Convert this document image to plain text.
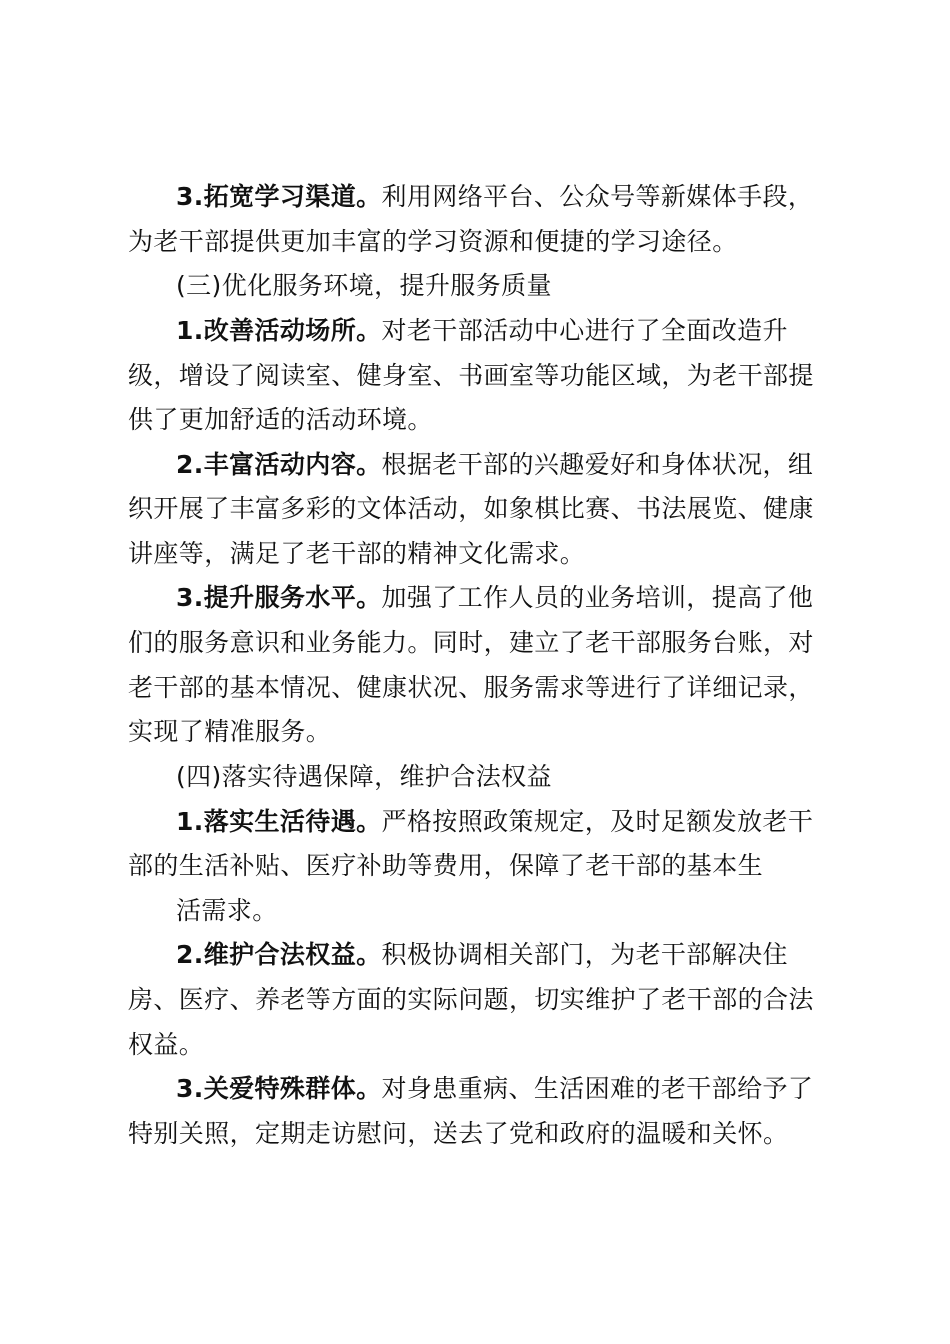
3.拓宽学习渠道。利用网络平台、公众号等新媒体手段，
为老干部提供更加丰富的学习资源和便捷的学习途径。
(三)优化服务环境，提升服务质量
1.改善活动场所。对老干部活动中心进行了全面改造升
级，增设了阅读室、健身室、书画室等功能区域，为老干部提
供了更加舒适的活动环境。
2.丰富活动内容。根据老干部的兴趣爱好和身体状况，组
织开展了丰富多彩的文体活动，如象棋比赛、书法展览、健康
讲座等，满足了老干部的精神文化需求。
3.提升服务水平。加强了工作人员的业务培训，提高了他
们的服务意识和业务能力。同时，建立了老干部服务台账，对
老干部的基本情况、健康状况、服务需求等进行了详细记录，
实现了精准服务。
(四)落实待遇保障，维护合法权益
1.落实生活待遇。严格按照政策规定，及时足额发放老干
部的生活补贴、医疗补助等费用，保障了老干部的基本生
活需求。
2.维护合法权益。积极协调相关部门，为老干部解决住
房、医疗、养老等方面的实际问题，切实维护了老干部的合法
权益。
3.关爱特殊群体。对身患重病、生活困难的老干部给予了
特别关照，定期走访慰问，送去了党和政府的温暖和关怀。
